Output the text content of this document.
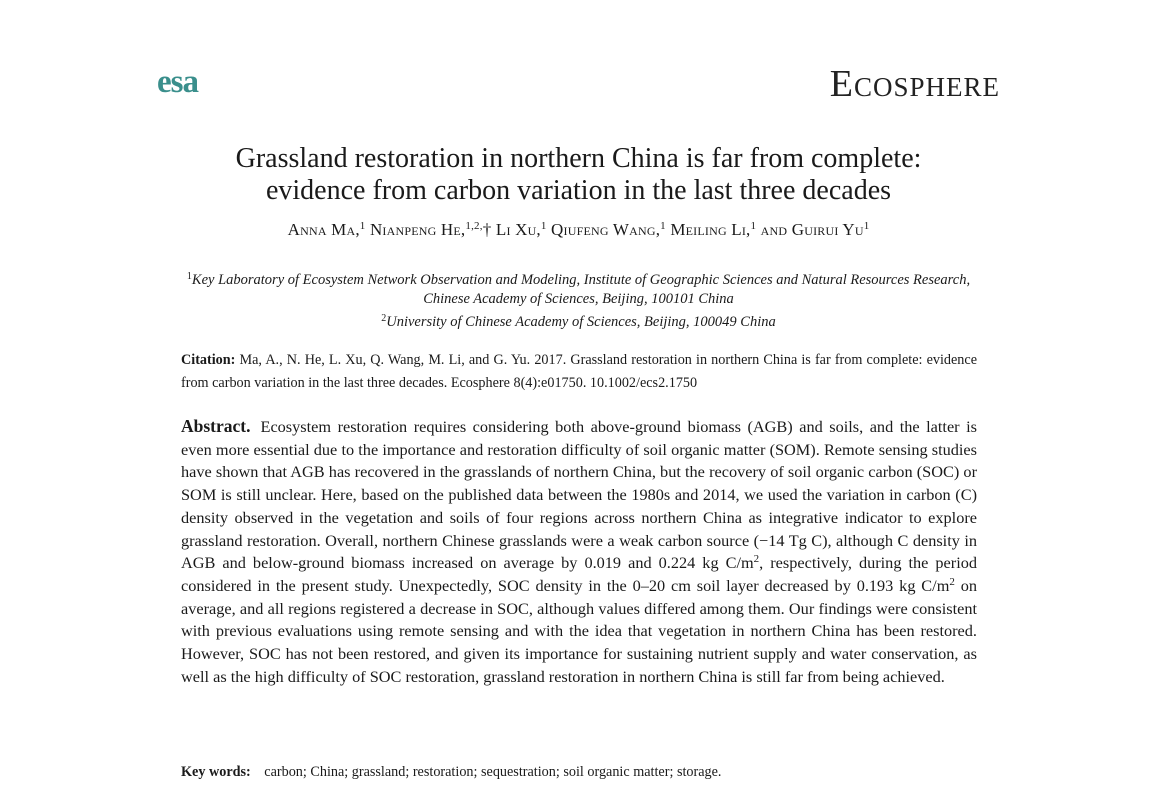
esa	Ecosphere
Grassland restoration in northern China is far from complete:
evidence from carbon variation in the last three decades
Anna Ma,$^1$ Nianpeng He,$^{1,2,}$† Li Xu,$^1$ Qiufeng Wang,$^1$ Meiling Li,$^1$ and Guirui Yu$^1$
$^1$Key Laboratory of Ecosystem Network Observation and Modeling, Institute of Geographic Sciences and Natural Resources Research,
Chinese Academy of Sciences, Beijing, 100101 China
$^2$University of Chinese Academy of Sciences, Beijing, 100049 China
Citation: Ma, A., N. He, L. Xu, Q. Wang, M. Li, and G. Yu. 2017. Grassland restoration in northern China is far from complete: evidence from carbon variation in the last three decades. Ecosphere 8(4):e01750. 10.1002/ecs2.1750
Abstract. Ecosystem restoration requires considering both above-ground biomass (AGB) and soils, and the latter is even more essential due to the importance and restoration difficulty of soil organic matter (SOM). Remote sensing studies have shown that AGB has recovered in the grasslands of northern China, but the recovery of soil organic carbon (SOC) or SOM is still unclear. Here, based on the published data between the 1980s and 2014, we used the variation in carbon (C) density observed in the vegetation and soils of four regions across northern China as integrative indicator to explore grassland restoration. Overall, northern Chinese grasslands were a weak carbon source (−14 Tg C), although C density in AGB and below-ground biomass increased on average by 0.019 and 0.224 kg $C/m^2$, respectively, during the period considered in the present study. Unexpectedly, SOC density in the 0–20 cm soil layer decreased by 0.193 kg $C/m^2$ on average, and all regions registered a decrease in SOC, although values differed among them. Our findings were consistent with previous evaluations using remote sensing and with the idea that vegetation in northern China has been restored. However, SOC has not been restored, and given its importance for sustaining nutrient supply and water conservation, as well as the high difficulty of SOC restoration, grassland restoration in northern China is still far from being achieved.
Key words: carbon; China; grassland; restoration; sequestration; soil organic matter; storage.
